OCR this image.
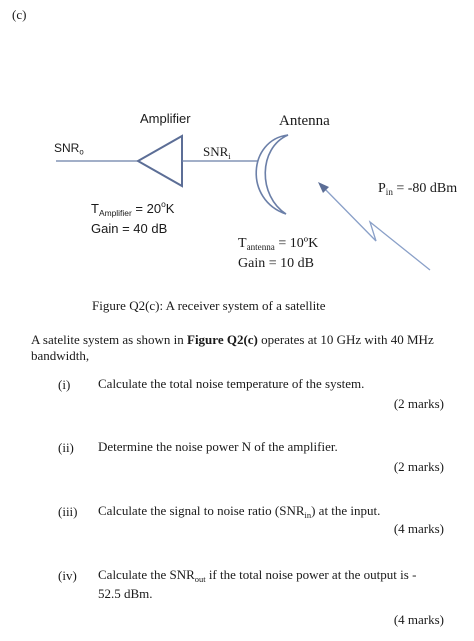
(c)
Amplifier	Antenna
$SNR_o$	$SNR_i$
$P_{in} = -80$ dBm
$T_{Amplifier} = 20^oK$
Gain = 40 dB
$T_{antenna}$ = 10ºK
Gain = 10 dB
Figure Q2(c): A receiver system of a satellite
A satelite system as shown in Figure Q2(c) operates at 10 GHz with 40 MHz
bandwidth,
(i) Calculate the total noise temperature of the system.
(2 marks)
(ii) Determine the noise power N of the amplifier.
(2 marks)
(iii) Calculate the signal to noise ratio $(SNR_{in})$ at the input.
(4 marks)
(iv) Calculate the $SNR_{out}$ if the total noise power at the output is -
52.5 dBm.
(4 marks)
